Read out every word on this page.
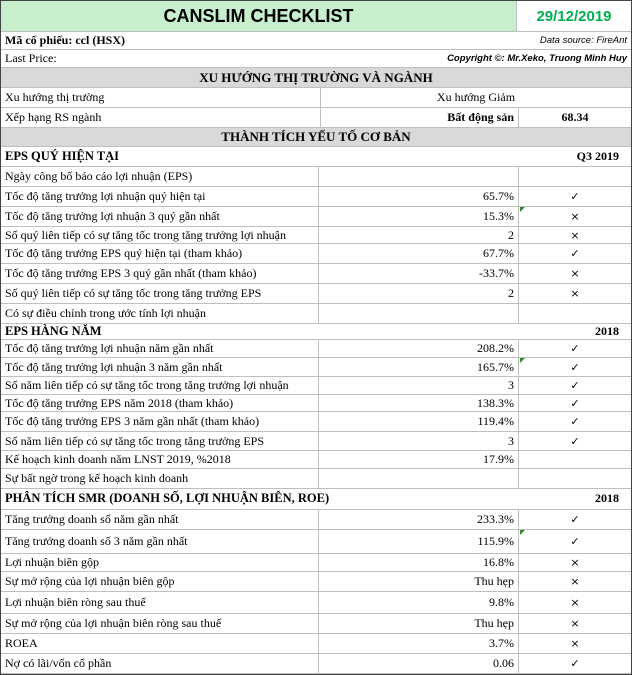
CANSLIM CHECKLIST	29/12/2019
Mã cổ phiếu: ccl (HSX)	Data source: FireAnt
Last Price:	Copyright ©: Mr.Xeko, Truong Minh Huy
XU HƯỚNG THỊ TRƯỜNG VÀ NGÀNH
Xu hướng thị trường	Xu hướng Giảm
Xếp hạng RS ngành	Bất động sản	68.34
THÀNH TÍCH YẾU TỐ CƠ BẢN
EPS QUÝ HIỆN TẠI	Q3 2019
Ngày công bố báo cáo lợi nhuận (EPS)
Tốc độ tăng trưởng lợi nhuận quý hiện tại	65.7%	✓
Tốc độ tăng trưởng lợi nhuận 3 quý gần nhất	15.3%	×
Số quý liên tiếp có sự tăng tốc trong tăng trưởng lợi nhuận	2	×
Tốc độ tăng trưởng EPS quý hiện tại (tham khảo)	67.7%	✓
Tốc độ tăng trưởng EPS 3 quý gần nhất (tham khảo)	-33.7%	×
Số quý liên tiếp có sự tăng tốc trong tăng trưởng EPS	2	×
Có sự điều chỉnh trong ước tính lợi nhuận
EPS HÀNG NĂM	2018
Tốc độ tăng trưởng lợi nhuận năm gần nhất	208.2%	✓
Tốc độ tăng trưởng lợi nhuận 3 năm gần nhất	165.7%	✓
Số năm liên tiếp có sự tăng tốc trong tăng trưởng lợi nhuận	3	✓
Tốc độ tăng trưởng EPS năm 2018 (tham khảo)	138.3%	✓
Tốc độ tăng trưởng EPS 3 năm gần nhất (tham khảo)	119.4%	✓
Số năm liên tiếp có sự tăng tốc trong tăng trưởng EPS	3	✓
Kế hoạch kinh doanh năm LNST 2019, %2018	17.9%
Sự bất ngờ trong kế hoạch kinh doanh
PHÂN TÍCH SMR (DOANH SỐ, LỢI NHUẬN BIÊN, ROE)	2018
Tăng trưởng doanh số năm gần nhất	233.3%	✓
Tăng trưởng doanh số 3 năm gần nhất	115.9%	✓
Lợi nhuận biên gộp	16.8%	×
Sự mở rộng của lợi nhuận biên gộp	Thu hẹp	×
Lợi nhuận biên ròng sau thuế	9.8%	×
Sự mở rộng của lợi nhuận biên ròng sau thuế	Thu hẹp	×
ROEA	3.7%	×
Nợ có lãi/vốn cổ phần	0.06	✓
